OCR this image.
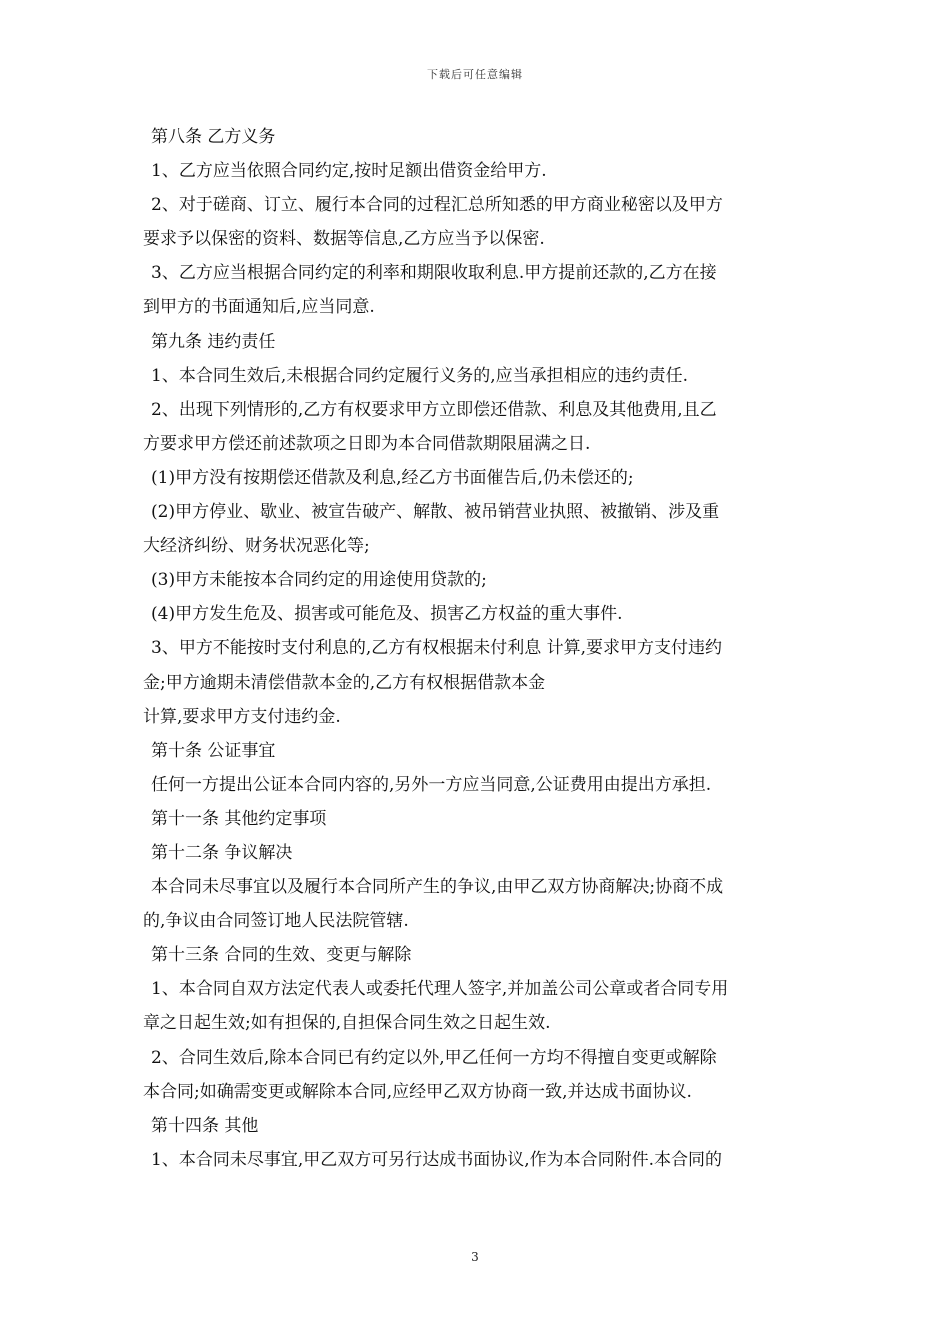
下载后可任意编辑
第八条 乙方义务
1、乙方应当依照合同约定,按时足额出借资金给甲方.
2、对于磋商、订立、履行本合同的过程汇总所知悉的甲方商业秘密以及甲方
要求予以保密的资料、数据等信息,乙方应当予以保密.
3、乙方应当根据合同约定的利率和期限收取利息.甲方提前还款的,乙方在接
到甲方的书面通知后,应当同意.
第九条 违约责任
1、本合同生效后,未根据合同约定履行义务的,应当承担相应的违约责任.
2、出现下列情形的,乙方有权要求甲方立即偿还借款、利息及其他费用,且乙
方要求甲方偿还前述款项之日即为本合同借款期限届满之日.
(1)甲方没有按期偿还借款及利息,经乙方书面催告后,仍未偿还的;
(2)甲方停业、歇业、被宣告破产、解散、被吊销营业执照、被撤销、涉及重
大经济纠纷、财务状况恶化等;
(3)甲方未能按本合同约定的用途使用贷款的;
(4)甲方发生危及、损害或可能危及、损害乙方权益的重大事件.
3、甲方不能按时支付利息的,乙方有权根据未付利息 计算,要求甲方支付违约
金;甲方逾期未清偿借款本金的,乙方有权根据借款本金
计算,要求甲方支付违约金.
第十条 公证事宜
任何一方提出公证本合同内容的,另外一方应当同意,公证费用由提出方承担.
第十一条 其他约定事项
第十二条 争议解决
本合同未尽事宜以及履行本合同所产生的争议,由甲乙双方协商解决;协商不成
的,争议由合同签订地人民法院管辖.
第十三条 合同的生效、变更与解除
1、本合同自双方法定代表人或委托代理人签字,并加盖公司公章或者合同专用
章之日起生效;如有担保的,自担保合同生效之日起生效.
2、合同生效后,除本合同已有约定以外,甲乙任何一方均不得擅自变更或解除
本合同;如确需变更或解除本合同,应经甲乙双方协商一致,并达成书面协议.
第十四条 其他
1、本合同未尽事宜,甲乙双方可另行达成书面协议,作为本合同附件.本合同的
3
